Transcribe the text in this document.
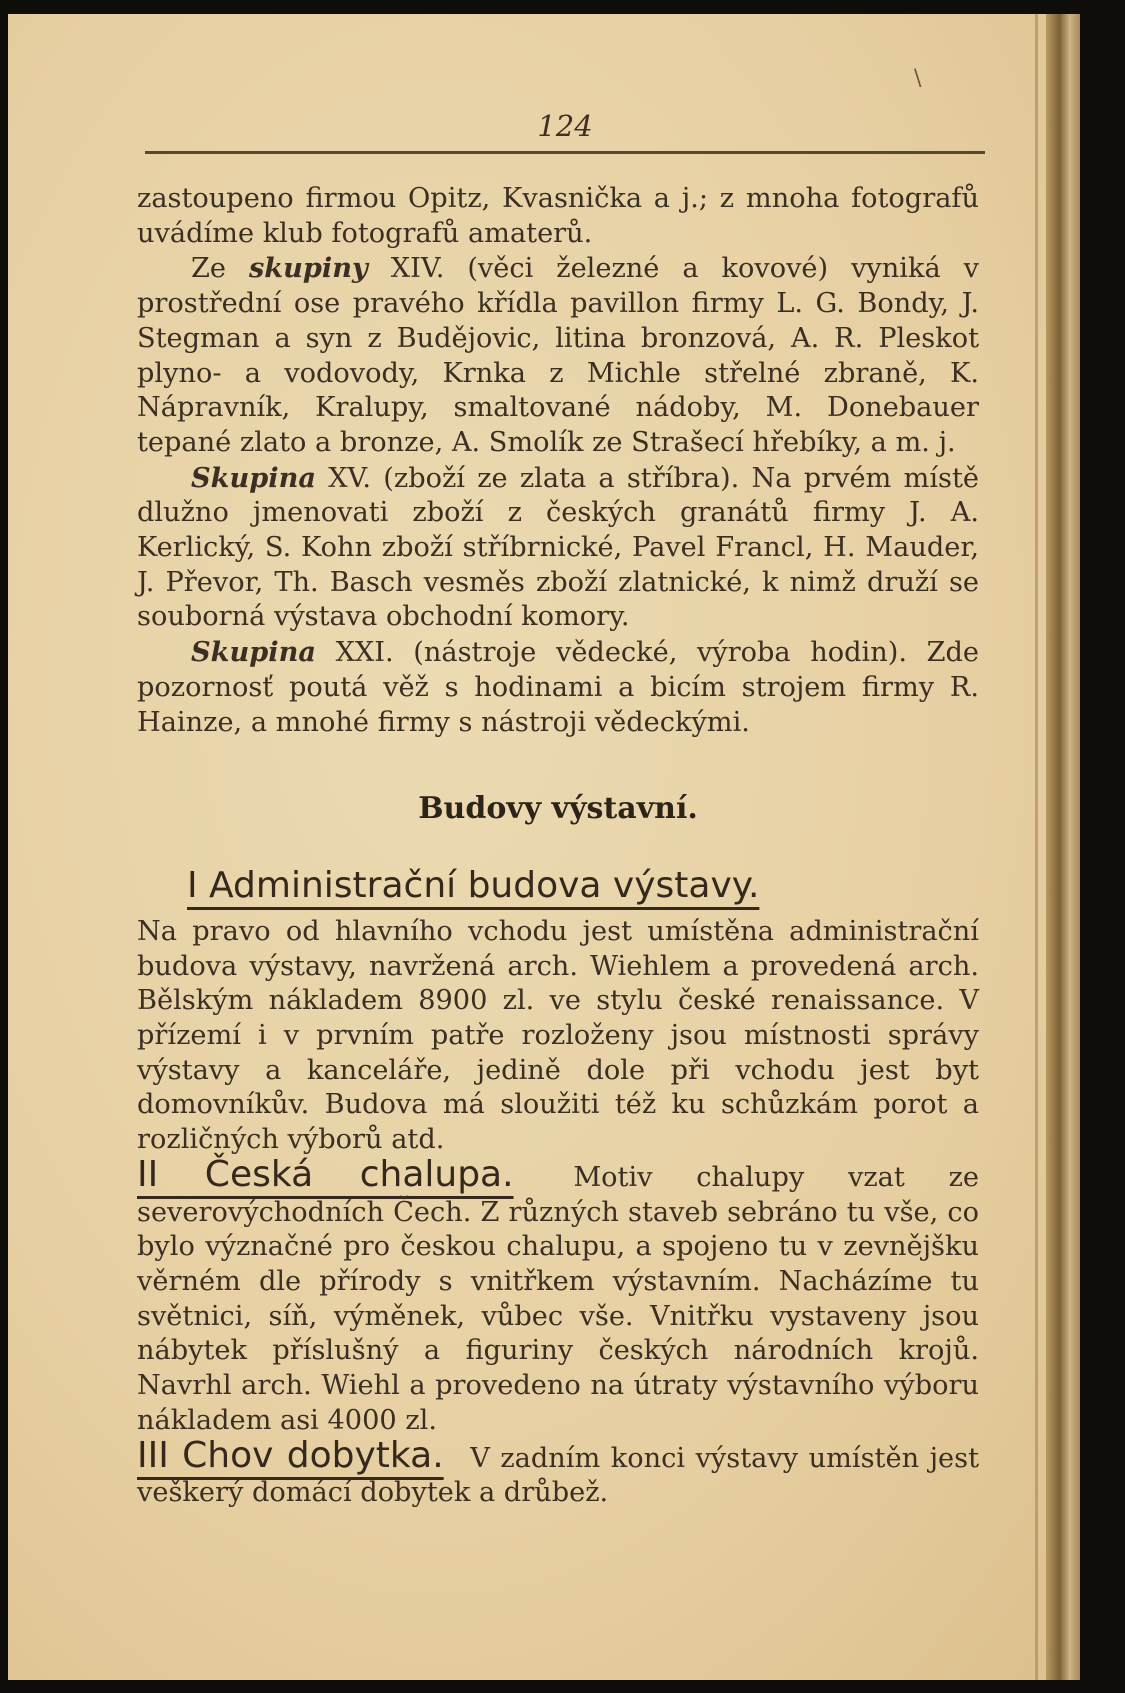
\
124

zastoupeno firmou Opitz, Kvasnička a j.; z mnoha fotografů uvádíme klub fotografů amaterů.

Ze skupiny XIV. (věci železné a kovové) vyniká v prostřední ose pravého křídla pavillon firmy L. G. Bondy, J. Stegman a syn z Budějovic, litina bronzová, A. R. Pleskot plyno- a vodovody, Krnka z Michle střelné zbraně, K. Nápravník, Kralupy, smaltované nádoby, M. Donebauer tepané zlato a bronze, A. Smolík ze Strašecí hřebíky, a m. j.

Skupina XV. (zboží ze zlata a stříbra). Na prvém místě dlužno jmenovati zboží z českých granátů firmy J. A. Kerlický, S. Kohn zboží stříbrnické, Pavel Francl, H. Mauder, J. Převor, Th. Basch vesměs zboží zlatnické, k nimž druží se souborná výstava obchodní komory.

Skupina XXI. (nástroje vědecké, výroba hodin). Zde pozornosť poutá věž s hodinami a bicím strojem firmy R. Hainze, a mnohé firmy s nástroji vědeckými.

Budovy výstavní.

I Administrační budova výstavy.
Na pravo od hlavního vchodu jest umístěna administrační budova výstavy, navržená arch. Wiehlem a provedená arch. Bělským nákladem 8900 zl. ve stylu české renaissance. V přízemí i v prvním patře rozloženy jsou místnosti správy výstavy a kanceláře, jedině dole při vchodu jest byt domovníkův. Budova má sloužiti též ku schůzkám porot a rozličných výborů atd.

II Česká chalupa. Motiv chalupy vzat ze severovýchodních Čech. Z různých staveb sebráno tu vše, co bylo význačné pro českou chalupu, a spojeno tu v zevnějšku věrném dle přírody s vnitřkem výstavním. Nacházíme tu světnici, síň, výměnek, vůbec vše. Vnitřku vystaveny jsou nábytek příslušný a figuriny českých národních krojů. Navrhl arch. Wiehl a provedeno na útraty výstavního výboru nákladem asi 4000 zl.

III Chov dobytka. V zadním konci výstavy umístěn jest veškerý domácí dobytek a drůbež.
